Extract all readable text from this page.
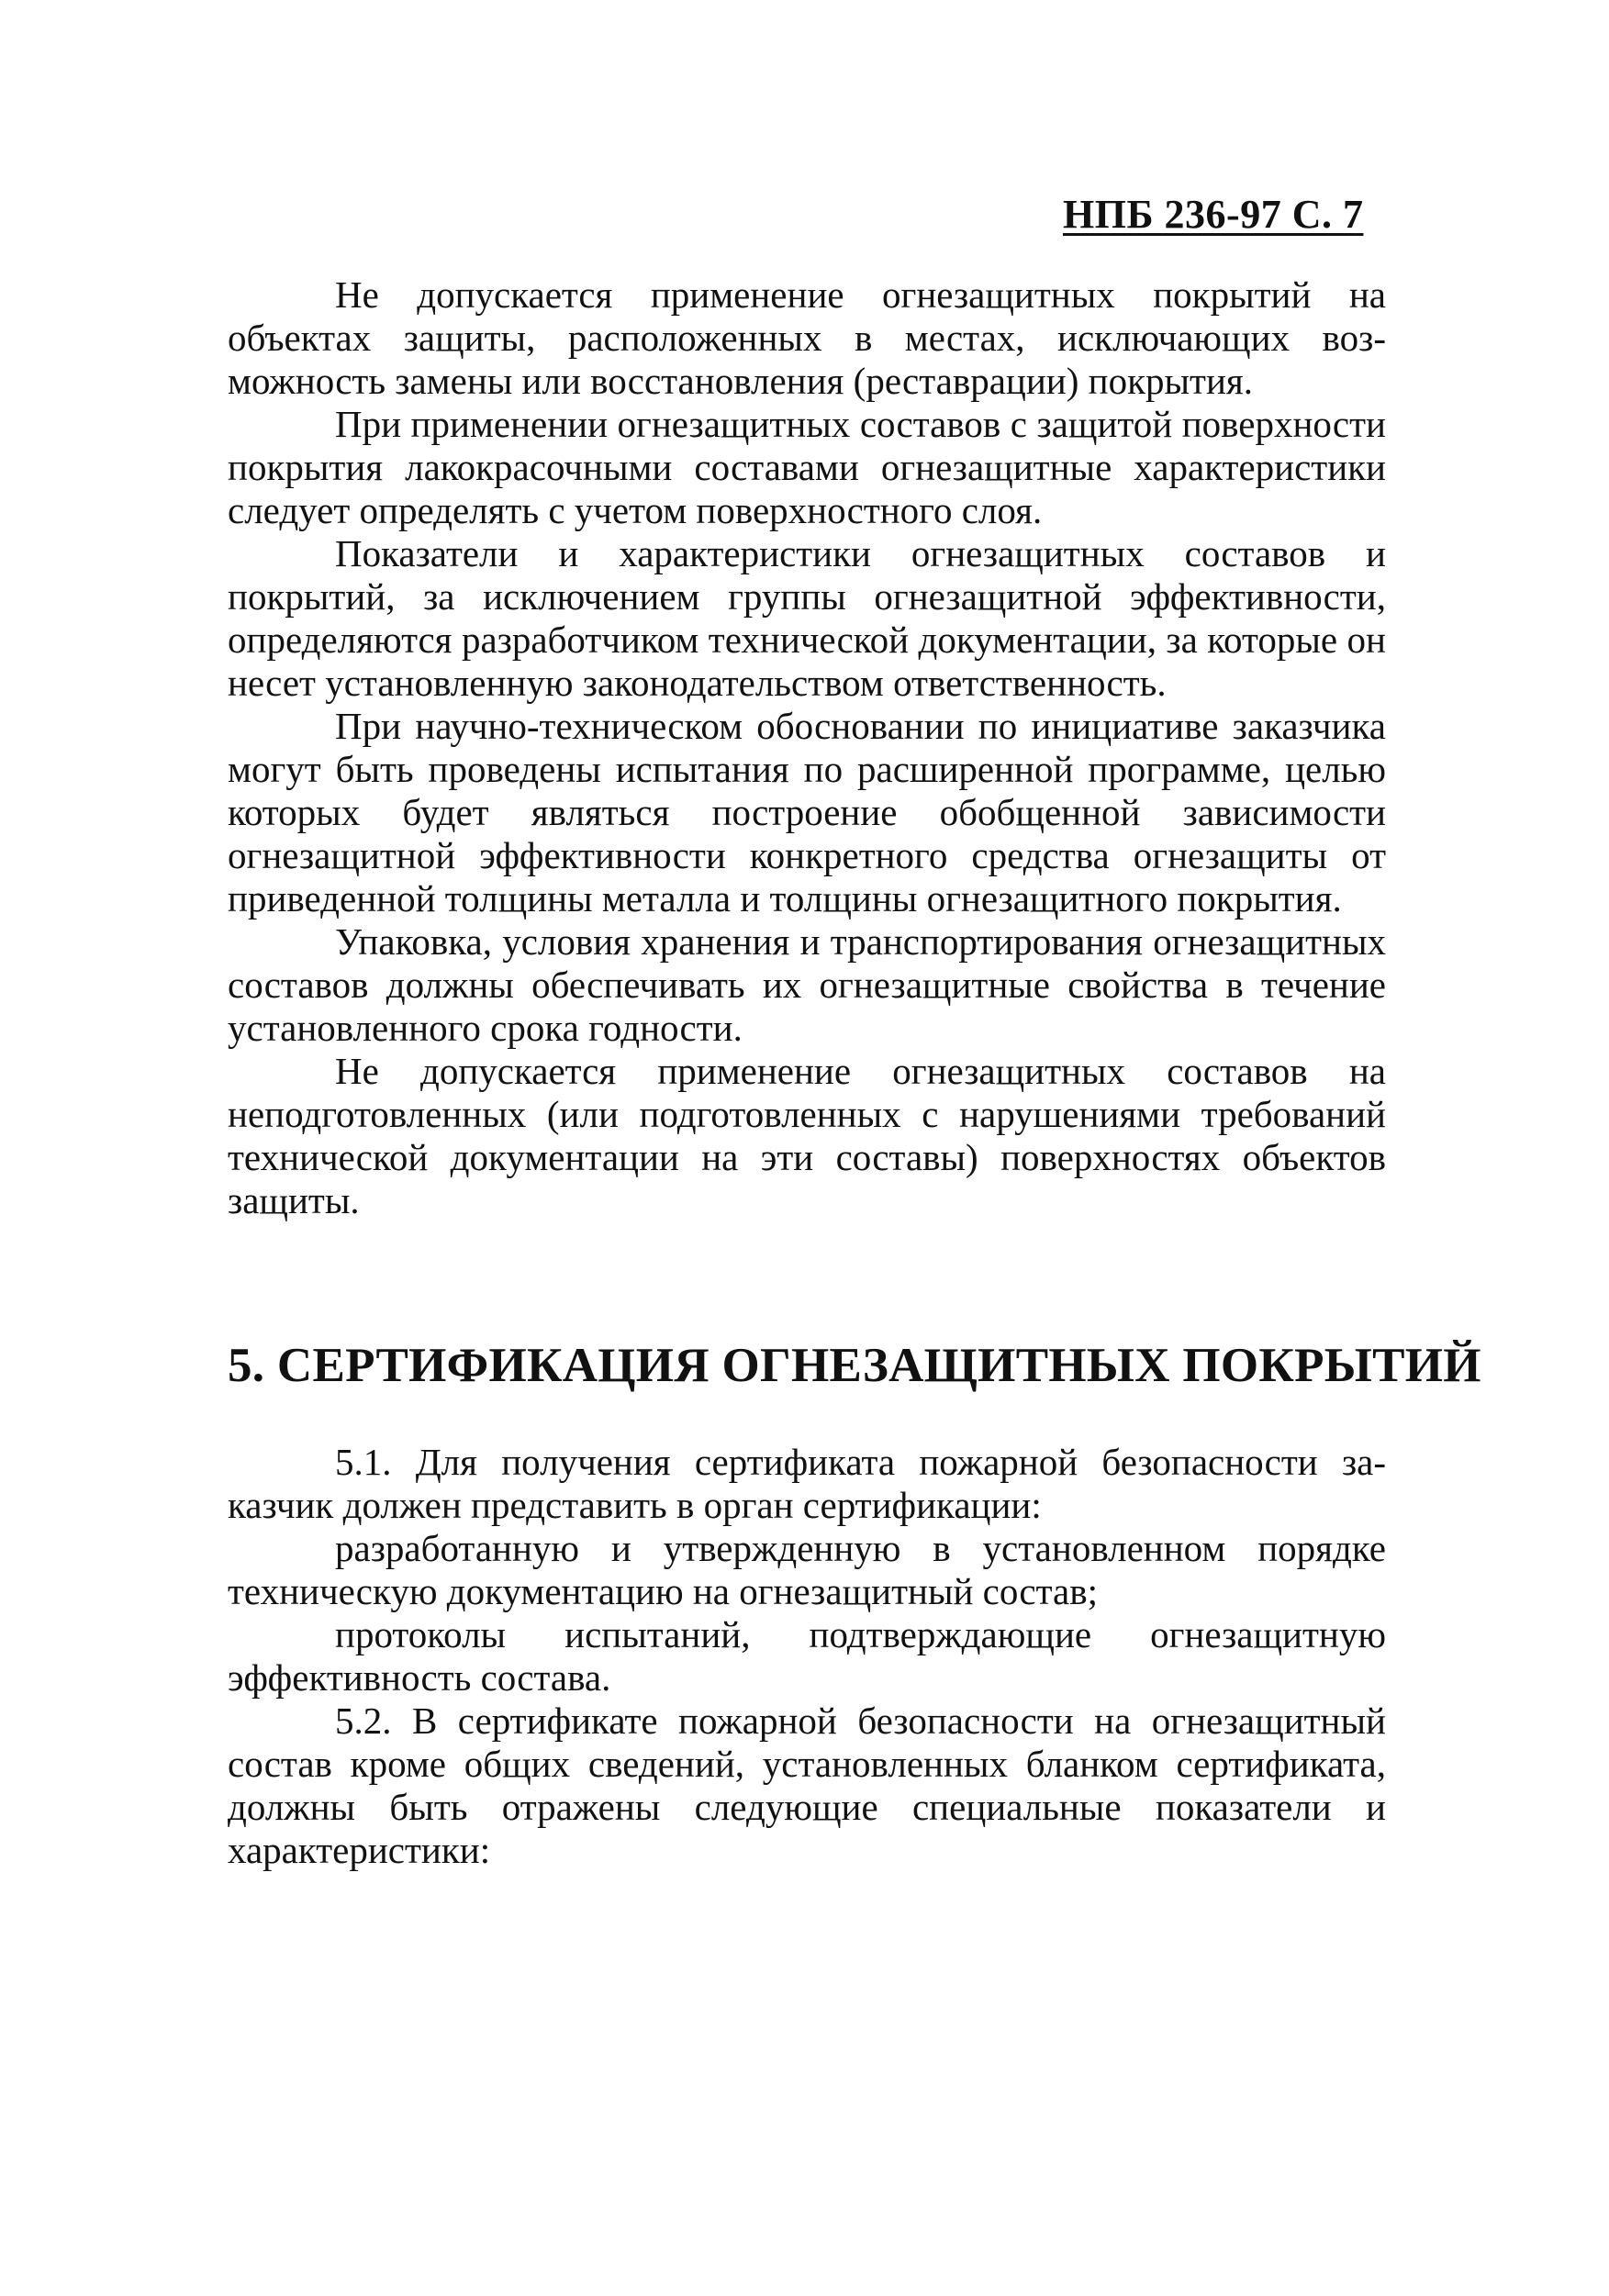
НПБ 236-97 С. 7

Не допускается применение огнезащитных покрытий на объектах защиты, расположенных в местах, исключающих возможность замены или восстановления (реставрации) покрытия.

При применении огнезащитных составов с защитой поверхности покрытия лакокрасочными составами огнезащитные характеристики следует определять с учетом поверхностного слоя.

Показатели и характеристики огнезащитных составов и покрытий, за исключением группы огнезащитной эффективности, определяются разработчиком технической документации, за которые он несет установленную законодательством ответственность.

При научно-техническом обосновании по инициативе заказчика могут быть проведены испытания по расширенной программе, целью которых будет являться построение обобщенной зависимости огнезащитной эффективности конкретного средства огнезащиты от приведенной толщины металла и толщины огнезащитного покрытия.

Упаковка, условия хранения и транспортирования огнезащитных составов должны обеспечивать их огнезащитные свойства в течение установленного срока годности.

Не допускается применение огнезащитных составов на неподготовленных (или подготовленных с нарушениями требований технической документации на эти составы) поверхностях объектов защиты.

5. СЕРТИФИКАЦИЯ ОГНЕЗАЩИТНЫХ ПОКРЫТИЙ

5.1. Для получения сертификата пожарной безопасности заказчик должен представить в орган сертификации:

разработанную и утвержденную в установленном порядке техническую документацию на огнезащитный состав;

протоколы испытаний, подтверждающие огнезащитную эффективность состава.

5.2. В сертификате пожарной безопасности на огнезащитный состав кроме общих сведений, установленных бланком сертификата, должны быть отражены следующие специальные показатели и характеристики:
